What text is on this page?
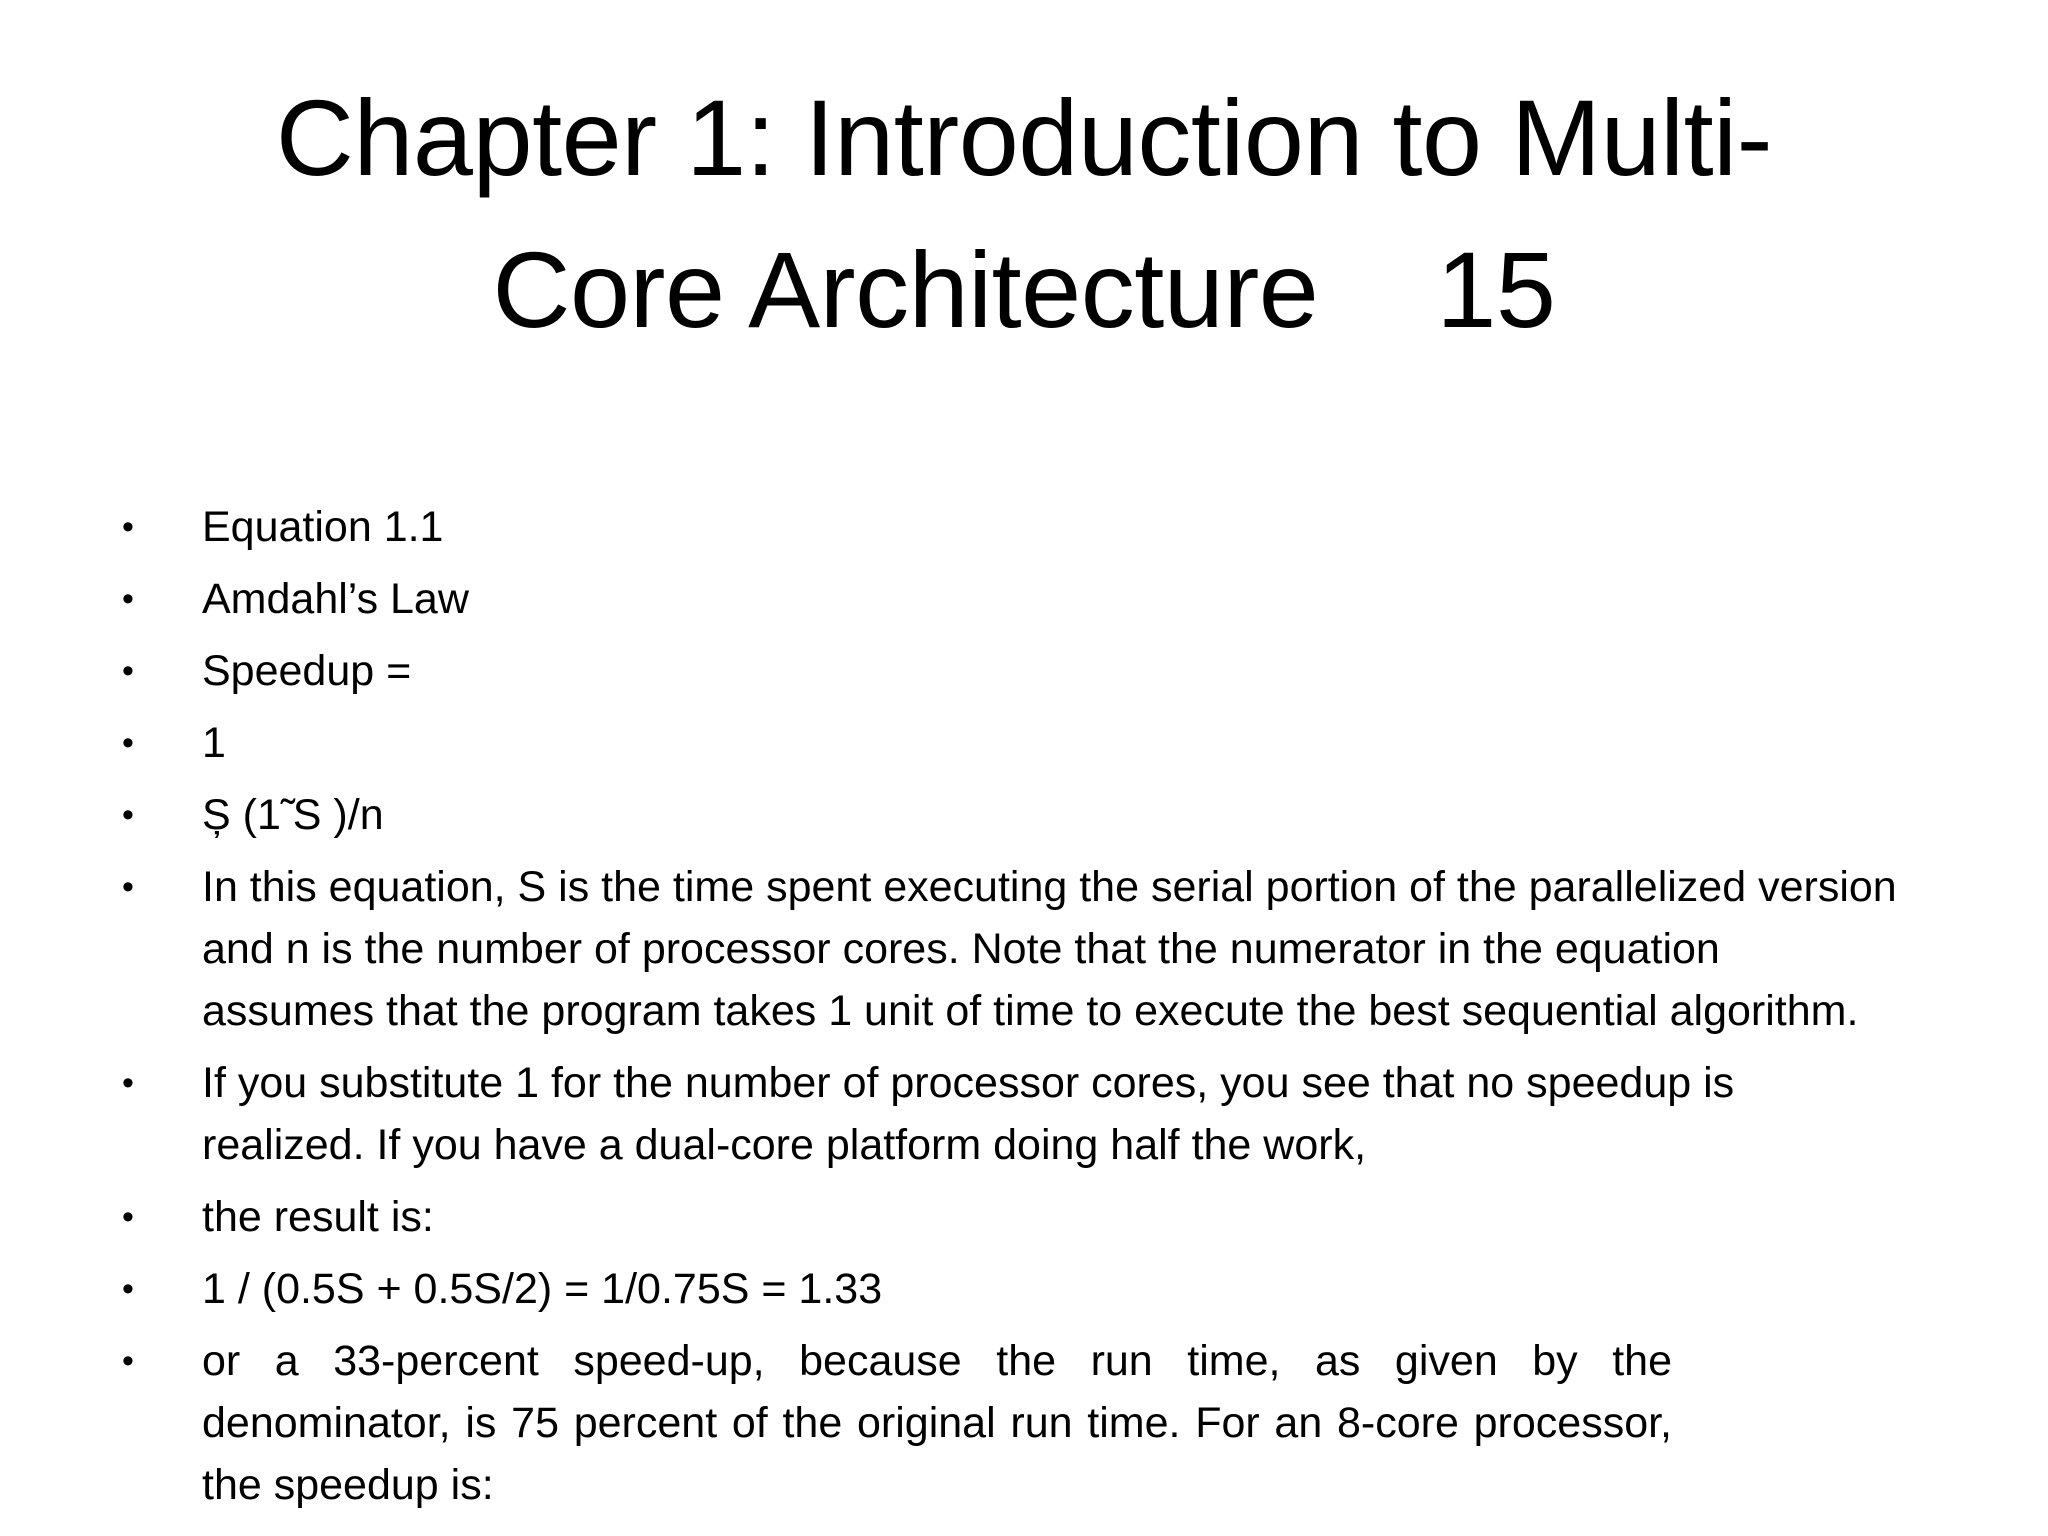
Chapter 1: Introduction to Multi-
Core Architecture    15
• Equation 1.1
• Amdahl’s Law
• Speedup =
• 1
• Ș (1̃ S )/n
• In this equation, S is the time spent executing the serial portion of the parallelized version and n is the number of processor cores. Note that the numerator in the equation assumes that the program takes 1 unit of time to execute the best sequential algorithm.
• If you substitute 1 for the number of processor cores, you see that no speedup is realized. If you have a dual-core platform doing half the work,
• the result is:
• 1 / (0.5S + 0.5S/2) = 1/0.75S = 1.33
• or a 33-percent speed-up, because the run time, as given by the denominator, is 75 percent of the original run time. For an 8-core processor, the speedup is:
